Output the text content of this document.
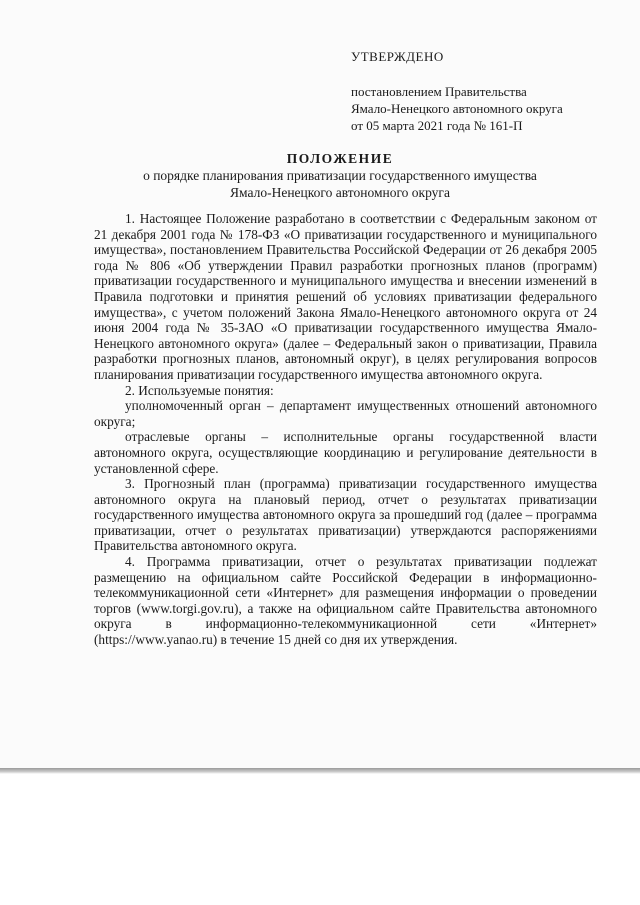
УТВЕРЖДЕНО
постановлением Правительства
Ямало-Ненецкого автономного округа
от 05 марта 2021 года № 161-П
ПОЛОЖЕНИЕ
о порядке планирования приватизации государственного имущества
Ямало-Ненецкого автономного округа

1. Настоящее Положение разработано в соответствии с Федеральным законом от 21 декабря 2001 года № 178-ФЗ «О приватизации государственного и муниципального имущества», постановлением Правительства Российской Федерации от 26 декабря 2005 года № 806 «Об утверждении Правил разработки прогнозных планов (программ) приватизации государственного и муниципального имущества и внесении изменений в Правила подготовки и принятия решений об условиях приватизации федерального имущества», с учетом положений Закона Ямало-Ненецкого автономного округа от 24 июня 2004 года № 35-ЗАО «О приватизации государственного имущества Ямало-Ненецкого автономного округа» (далее – Федеральный закон о приватизации, Правила разработки прогнозных планов, автономный округ), в целях регулирования вопросов планирования приватизации государственного имущества автономного округа.

2. Используемые понятия:

уполномоченный орган – департамент имущественных отношений автономного округа;

отраслевые органы – исполнительные органы государственной власти автономного округа, осуществляющие координацию и регулирование деятельности в установленной сфере.

3. Прогнозный план (программа) приватизации государственного имущества автономного округа на плановый период, отчет о результатах приватизации государственного имущества автономного округа за прошедший год (далее – программа приватизации, отчет о результатах приватизации) утверждаются распоряжениями Правительства автономного округа.

4. Программа приватизации, отчет о результатах приватизации подлежат размещению на официальном сайте Российской Федерации в информационно-телекоммуникационной сети «Интернет» для размещения информации о проведении торгов (www.torgi.gov.ru), а также на официальном сайте Правительства автономного округа в информационно-телекоммуникационной сети «Интернет» (https://www.yanao.ru) в течение 15 дней со дня их утверждения.
